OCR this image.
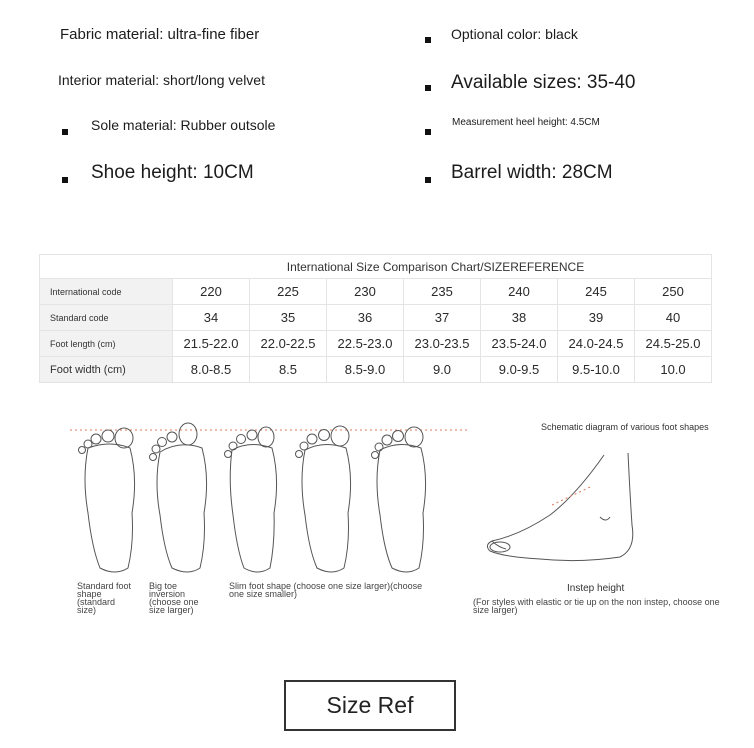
Fabric material: ultra-fine fiber
Interior material: short/long velvet
Sole material: Rubber outsole
Shoe height: 10CM
Optional color: black
Available sizes: 35-40
Measurement heel height: 4.5CM
Barrel width: 28CM
International Size Comparison Chart/SIZEREFERENCE							
International code	220	225	230	235	240	245	250
Standard code	34	35	36	37	38	39	40
Foot length (cm)	21.5-22.0	22.0-22.5	22.5-23.0	23.0-23.5	23.5-24.0	24.0-24.5	24.5-25.0
Foot width (cm)	8.0-8.5	8.5	8.5-9.0	9.0	9.0-9.5	9.5-10.0	10.0
Standard foot shape (standard size)
Big toe inversion (choose one size larger)
Slim foot shape (choose one size larger)(choose one size smaller)
Schematic diagram of various foot shapes
Instep height
(For styles with elastic or tie up on the non instep, choose one size larger)
Size Ref
